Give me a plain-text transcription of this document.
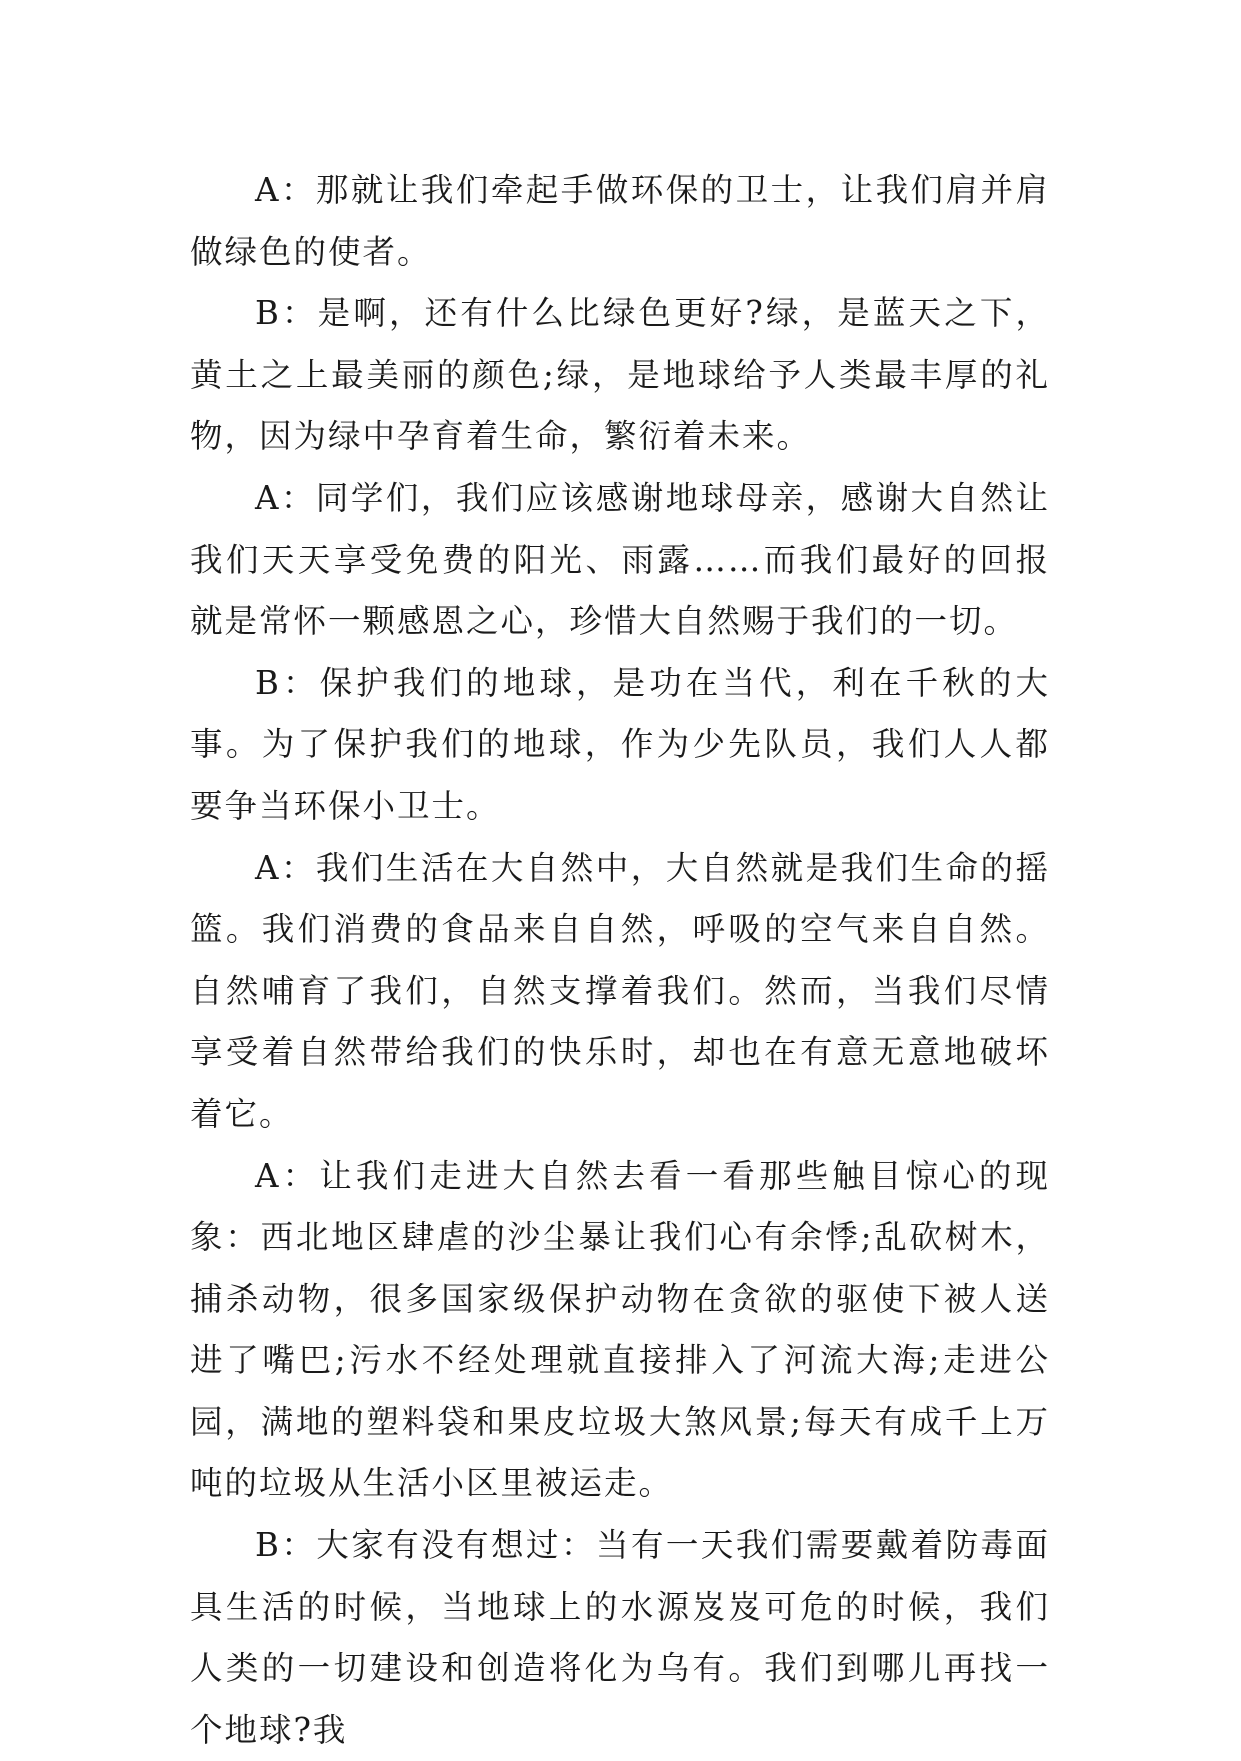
A：那就让我们牵起手做环保的卫士，让我们肩并肩做绿色的使者。

B：是啊，还有什么比绿色更好?绿，是蓝天之下，黄土之上最美丽的颜色;绿，是地球给予人类最丰厚的礼物，因为绿中孕育着生命，繁衍着未来。

A：同学们，我们应该感谢地球母亲，感谢大自然让我们天天享受免费的阳光、雨露……而我们最好的回报就是常怀一颗感恩之心，珍惜大自然赐于我们的一切。

B：保护我们的地球，是功在当代，利在千秋的大事。为了保护我们的地球，作为少先队员，我们人人都要争当环保小卫士。

A：我们生活在大自然中，大自然就是我们生命的摇篮。我们消费的食品来自自然，呼吸的空气来自自然。自然哺育了我们，自然支撑着我们。然而，当我们尽情享受着自然带给我们的快乐时，却也在有意无意地破坏着它。

A：让我们走进大自然去看一看那些触目惊心的现象：西北地区肆虐的沙尘暴让我们心有余悸;乱砍树木，捕杀动物，很多国家级保护动物在贪欲的驱使下被人送进了嘴巴;污水不经处理就直接排入了河流大海;走进公园，满地的塑料袋和果皮垃圾大煞风景;每天有成千上万吨的垃圾从生活小区里被运走。

B：大家有没有想过：当有一天我们需要戴着防毒面具生活的时候，当地球上的水源岌岌可危的时候，我们人类的一切建设和创造将化为乌有。我们到哪儿再找一个地球?我
